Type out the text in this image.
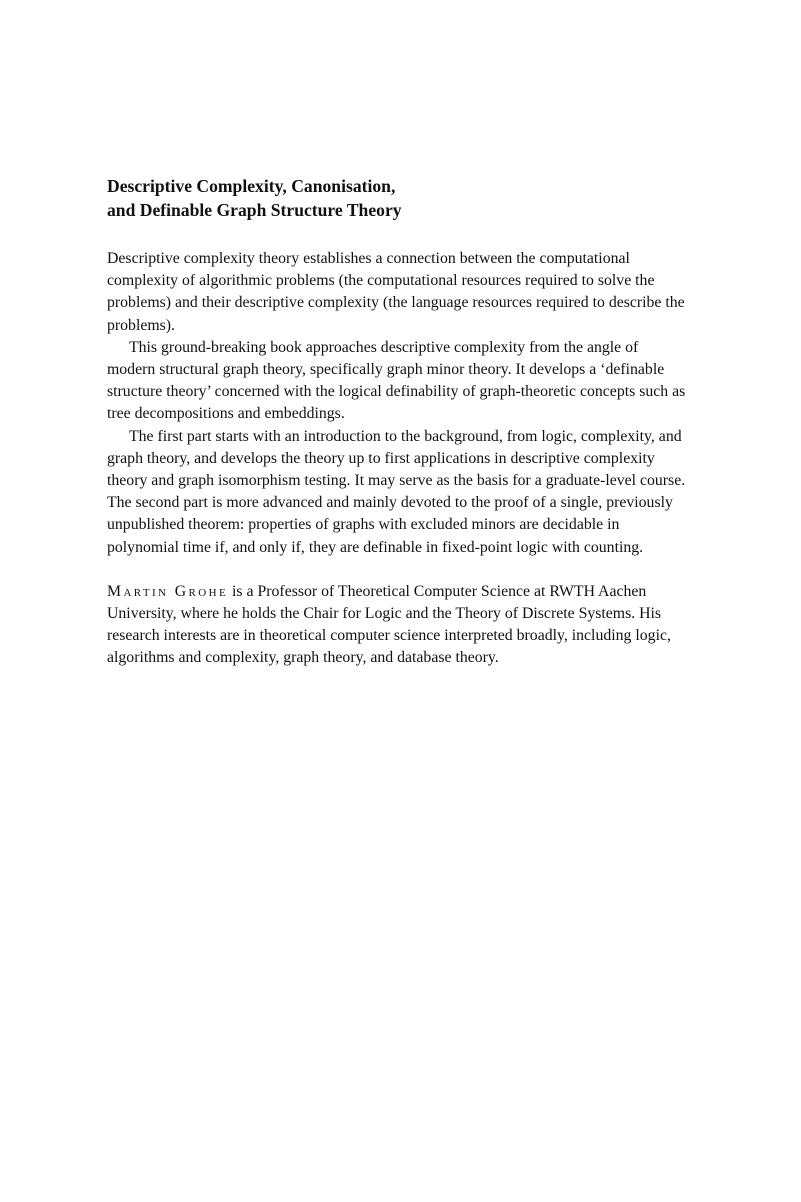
Descriptive Complexity, Canonisation,
and Definable Graph Structure Theory

Descriptive complexity theory establishes a connection between the computational complexity of algorithmic problems (the computational resources required to solve the problems) and their descriptive complexity (the language resources required to describe the problems).

This ground-breaking book approaches descriptive complexity from the angle of modern structural graph theory, specifically graph minor theory. It develops a ‘definable structure theory’ concerned with the logical definability of graph-theoretic concepts such as tree decompositions and embeddings.

The first part starts with an introduction to the background, from logic, complexity, and graph theory, and develops the theory up to first applications in descriptive complexity theory and graph isomorphism testing. It may serve as the basis for a graduate-level course. The second part is more advanced and mainly devoted to the proof of a single, previously unpublished theorem: properties of graphs with excluded minors are decidable in polynomial time if, and only if, they are definable in fixed-point logic with counting.

Martin Grohe is a Professor of Theoretical Computer Science at RWTH Aachen University, where he holds the Chair for Logic and the Theory of Discrete Systems. His research interests are in theoretical computer science interpreted broadly, including logic, algorithms and complexity, graph theory, and database theory.
